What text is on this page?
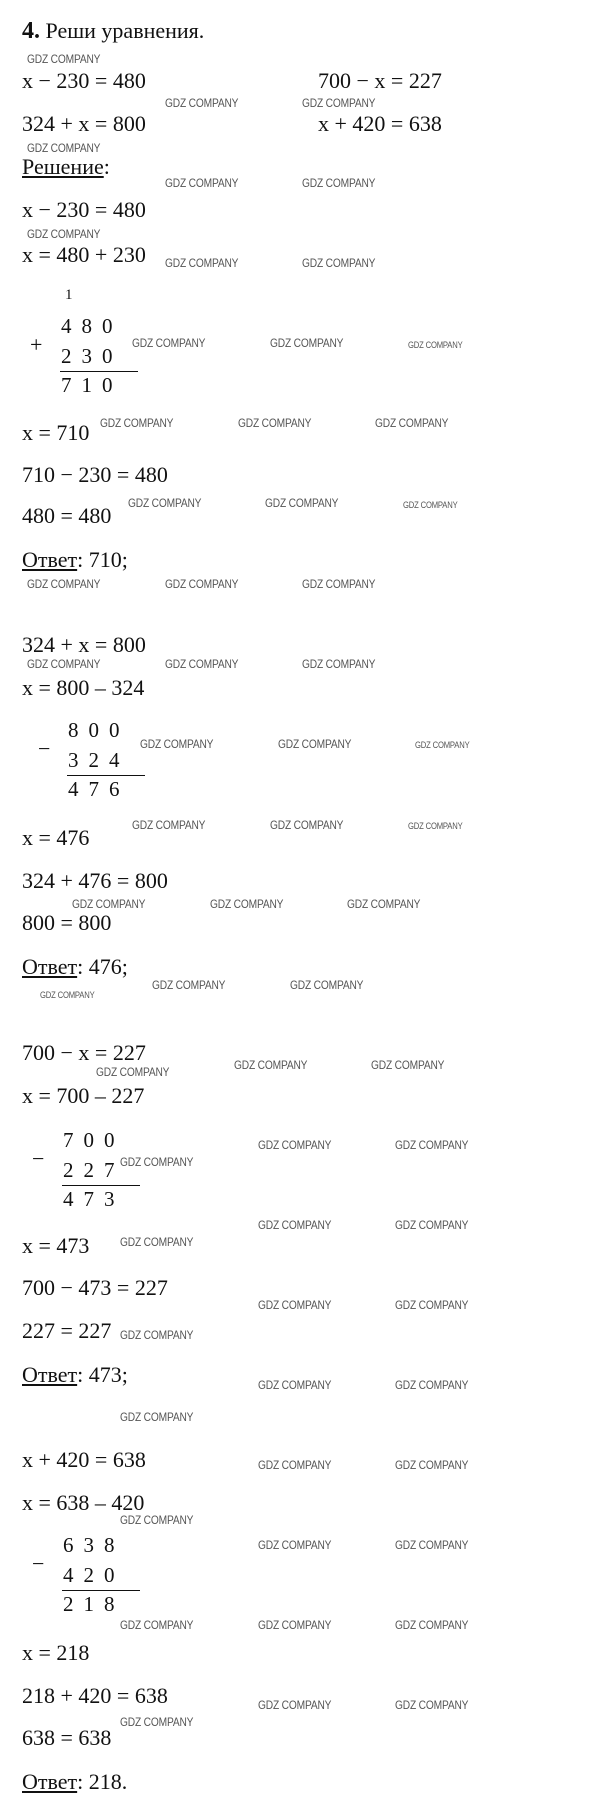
4. Реши уравнения.
x − 230 = 480	700 − x = 227
324 + x = 800	x + 420 = 638
Решение:
x − 230 = 480
x = 480 + 230
1
480
+ 230
710
x = 710
710 − 230 = 480
480 = 480
Ответ: 710;
324 + x = 800
x = 800 – 324
800
− 324
476
x = 476
324 + 476 = 800
800 = 800
Ответ: 476;
700 − x = 227
x = 700 – 227
700
− 227
473
x = 473
700 − 473 = 227
227 = 227
Ответ: 473;
x + 420 = 638
x = 638 – 420
638
− 420
218
x = 218
218 + 420 = 638
638 = 638
Ответ: 218.
GDZ COMPANY
GDZ COMPANY	GDZ COMPANY
GDZ COMPANY
GDZ COMPANY	GDZ COMPANY
GDZ COMPANY
GDZ COMPANY	GDZ COMPANY
GDZ COMPANY	GDZ COMPANY	GDZ COMPANY
GDZ COMPANY	GDZ COMPANY	GDZ COMPANY
GDZ COMPANY	GDZ COMPANY	GDZ COMPANY
GDZ COMPANY	GDZ COMPANY	GDZ COMPANY
GDZ COMPANY	GDZ COMPANY	GDZ COMPANY
GDZ COMPANY	GDZ COMPANY	GDZ COMPANY
GDZ COMPANY	GDZ COMPANY	GDZ COMPANY
GDZ COMPANY	GDZ COMPANY	GDZ COMPANY
GDZ COMPANY	GDZ COMPANY
GDZ COMPANY
GDZ COMPANY	GDZ COMPANY	GDZ COMPANY
GDZ COMPANY
GDZ COMPANY	GDZ COMPANY
GDZ COMPANY	GDZ COMPANY
GDZ COMPANY
GDZ COMPANY	GDZ COMPANY
GDZ COMPANY
GDZ COMPANY	GDZ COMPANY
GDZ COMPANY
GDZ COMPANY	GDZ COMPANY
GDZ COMPANY
GDZ COMPANY	GDZ COMPANY
GDZ COMPANY	GDZ COMPANY	GDZ COMPANY
GDZ COMPANY	GDZ COMPANY
GDZ COMPANY
